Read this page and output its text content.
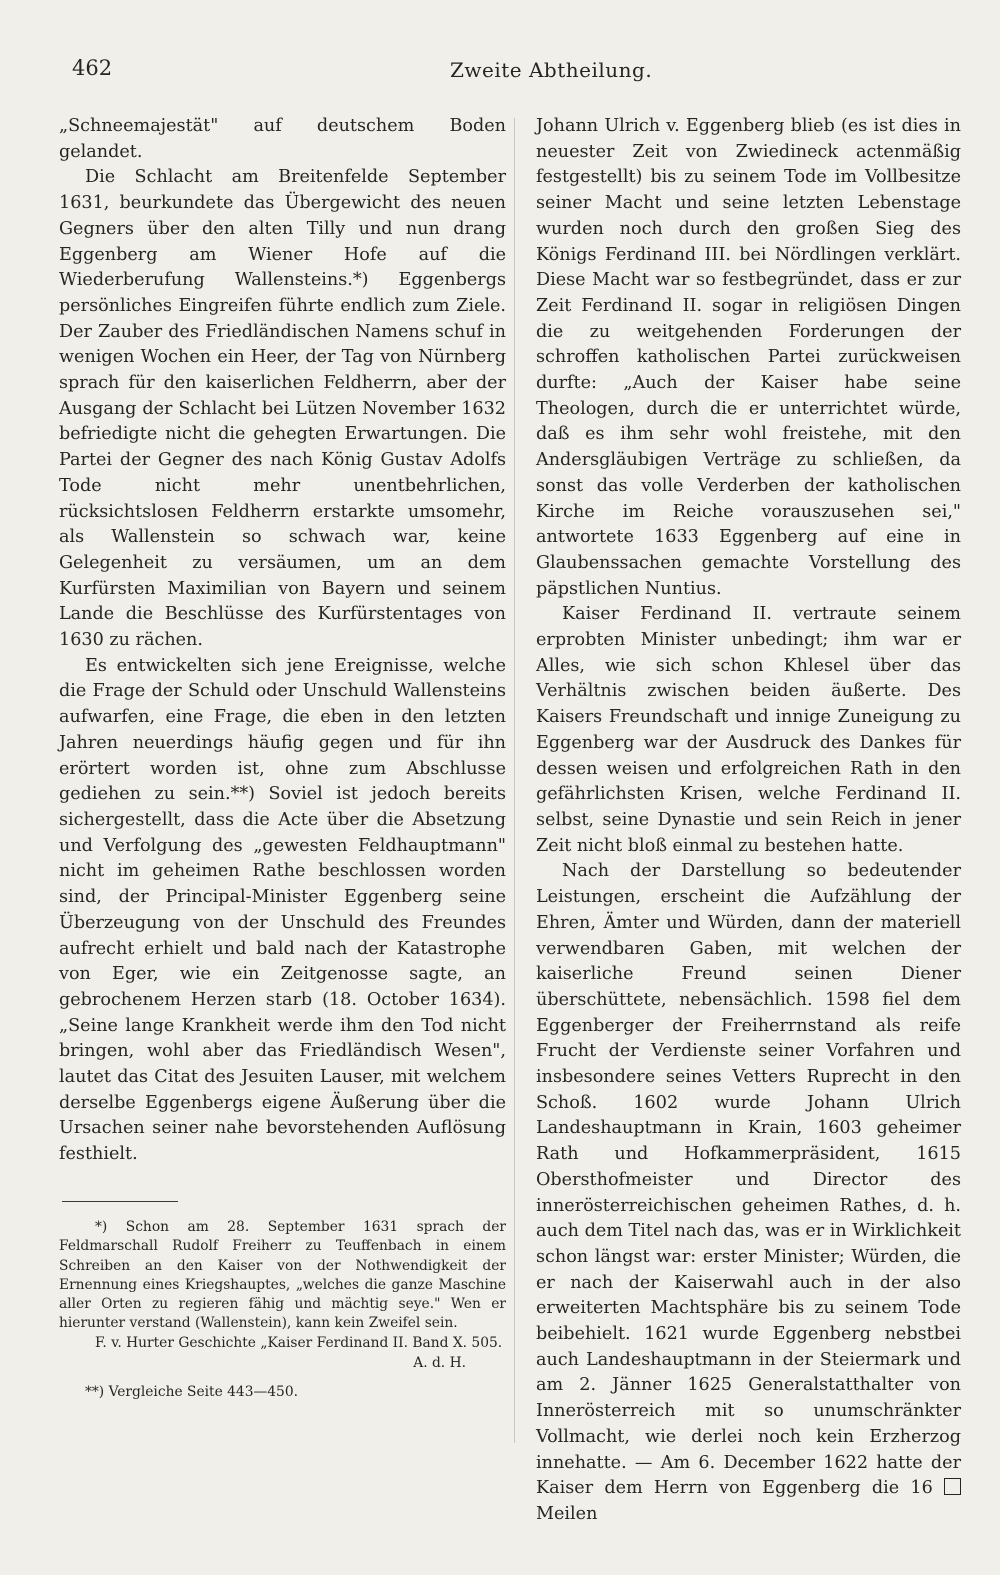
462	Zweite Abtheilung.

„Schneemajestät" auf deutschem Boden gelandet.

Die Schlacht am Breitenfelde September 1631, beurkundete das Übergewicht des neuen Gegners über den alten Tilly und nun drang Eggenberg am Wiener Hofe auf die Wiederberufung Wallensteins.*) Eggenbergs persönliches Eingreifen führte endlich zum Ziele. Der Zauber des Friedländischen Namens schuf in wenigen Wochen ein Heer, der Tag von Nürnberg sprach für den kaiserlichen Feldherrn, aber der Ausgang der Schlacht bei Lützen November 1632 befriedigte nicht die gehegten Erwartungen. Die Partei der Gegner des nach König Gustav Adolfs Tode nicht mehr unentbehrlichen, rücksichtslosen Feldherrn erstarkte umsomehr, als Wallenstein so schwach war, keine Gelegenheit zu versäumen, um an dem Kurfürsten Maximilian von Bayern und seinem Lande die Beschlüsse des Kurfürstentages von 1630 zu rächen.

Es entwickelten sich jene Ereignisse, welche die Frage der Schuld oder Unschuld Wallensteins aufwarfen, eine Frage, die eben in den letzten Jahren neuerdings häufig gegen und für ihn erörtert worden ist, ohne zum Abschlusse gediehen zu sein.**) Soviel ist jedoch bereits sichergestellt, dass die Acte über die Absetzung und Verfolgung des „gewesten Feldhauptmann" nicht im geheimen Rathe beschlossen worden sind, der Principal-Minister Eggenberg seine Überzeugung von der Unschuld des Freundes aufrecht erhielt und bald nach der Katastrophe von Eger, wie ein Zeitgenosse sagte, an gebrochenem Herzen starb (18. October 1634). „Seine lange Krankheit werde ihm den Tod nicht bringen, wohl aber das Friedländisch Wesen", lautet das Citat des Jesuiten Lauser, mit welchem derselbe Eggenbergs eigene Äußerung über die Ursachen seiner nahe bevorstehenden Auflösung festhielt.

Johann Ulrich v. Eggenberg blieb (es ist dies in neuester Zeit von Zwiedineck actenmäßig festgestellt) bis zu seinem Tode im Vollbesitze seiner Macht und seine letzten Lebenstage wurden noch durch den großen Sieg des Königs Ferdinand III. bei Nördlingen verklärt. Diese Macht war so festbegründet, dass er zur Zeit Ferdinand II. sogar in religiösen Dingen die zu weitgehenden Forderungen der schroffen katholischen Partei zurückweisen durfte: „Auch der Kaiser habe seine Theologen, durch die er unterrichtet würde, daß es ihm sehr wohl freistehe, mit den Andersgläubigen Verträge zu schließen, da sonst das volle Verderben der katholischen Kirche im Reiche vorauszusehen sei," antwortete 1633 Eggenberg auf eine in Glaubenssachen gemachte Vorstellung des päpstlichen Nuntius.

Kaiser Ferdinand II. vertraute seinem erprobten Minister unbedingt; ihm war er Alles, wie sich schon Khlesel über das Verhältnis zwischen beiden äußerte. Des Kaisers Freundschaft und innige Zuneigung zu Eggenberg war der Ausdruck des Dankes für dessen weisen und erfolgreichen Rath in den gefährlichsten Krisen, welche Ferdinand II. selbst, seine Dynastie und sein Reich in jener Zeit nicht bloß einmal zu bestehen hatte.

Nach der Darstellung so bedeutender Leistungen, erscheint die Aufzählung der Ehren, Ämter und Würden, dann der materiell verwendbaren Gaben, mit welchen der kaiserliche Freund seinen Diener überschüttete, nebensächlich. 1598 fiel dem Eggenberger der Freiherrnstand als reife Frucht der Verdienste seiner Vorfahren und insbesondere seines Vetters Ruprecht in den Schoß. 1602 wurde Johann Ulrich Landeshauptmann in Krain, 1603 geheimer Rath und Hofkammerpräsident, 1615 Obersthofmeister und Director des innerösterreichischen geheimen Rathes, d. h. auch dem Titel nach das, was er in Wirklichkeit schon längst war: erster Minister; Würden, die er nach der Kaiserwahl auch in der also erweiterten Machtsphäre bis zu seinem Tode beibehielt. 1621 wurde Eggenberg nebstbei auch Landeshauptmann in der Steiermark und am 2. Jänner 1625 Generalstatthalter von Innerösterreich mit so unumschränkter Vollmacht, wie derlei noch kein Erzherzog innehatte. — Am 6. December 1622 hatte der Kaiser dem Herrn von Eggenberg die 16  Meilen

*) Schon am 28. September 1631 sprach der Feldmarschall Rudolf Freiherr zu Teuffenbach in einem Schreiben an den Kaiser von der Nothwendigkeit der Ernennung eines Kriegshauptes, „welches die ganze Maschine aller Orten zu regieren fähig und mächtig seye." Wen er hierunter verstand (Wallenstein), kann kein Zweifel sein.

F. v. Hurter Geschichte „Kaiser Ferdinand II. Band X. 505.

A. d. H.

**) Vergleiche Seite 443—450.
